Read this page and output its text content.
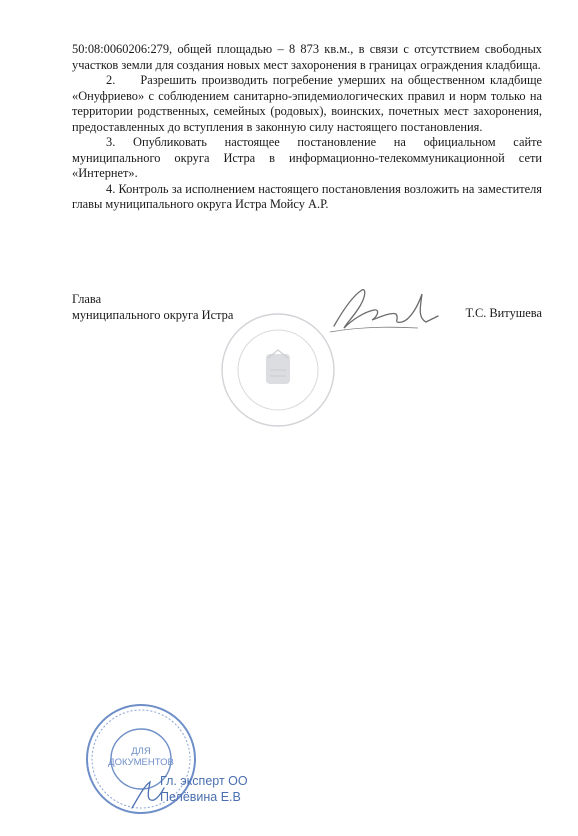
50:08:0060206:279, общей площадью – 8 873 кв.м., в связи с отсутствием свободных участков земли для создания новых мест захоронения в границах ограждения кладбища.

2.     Разрешить производить погребение умерших на общественном кладбище «Онуфриево» с соблюдением санитарно-эпидемиологических правил и норм только на территории родственных, семейных (родовых), воинских, почетных мест захоронения, предоставленных до вступления в законную силу настоящего постановления.

3. Опубликовать настоящее постановление на официальном сайте муниципального округа Истра в информационно-телекоммуникационной сети «Интернет».

4. Контроль за исполнением настоящего постановления возложить на заместителя главы муниципального округа Истра Мойсу А.Р.

Глава
муниципального округа Истра	Т.С. Витушева
ДЛЯ
ДОКУМЕНТОВ
Гл. эксперт ОО
Пелёвина Е.В
